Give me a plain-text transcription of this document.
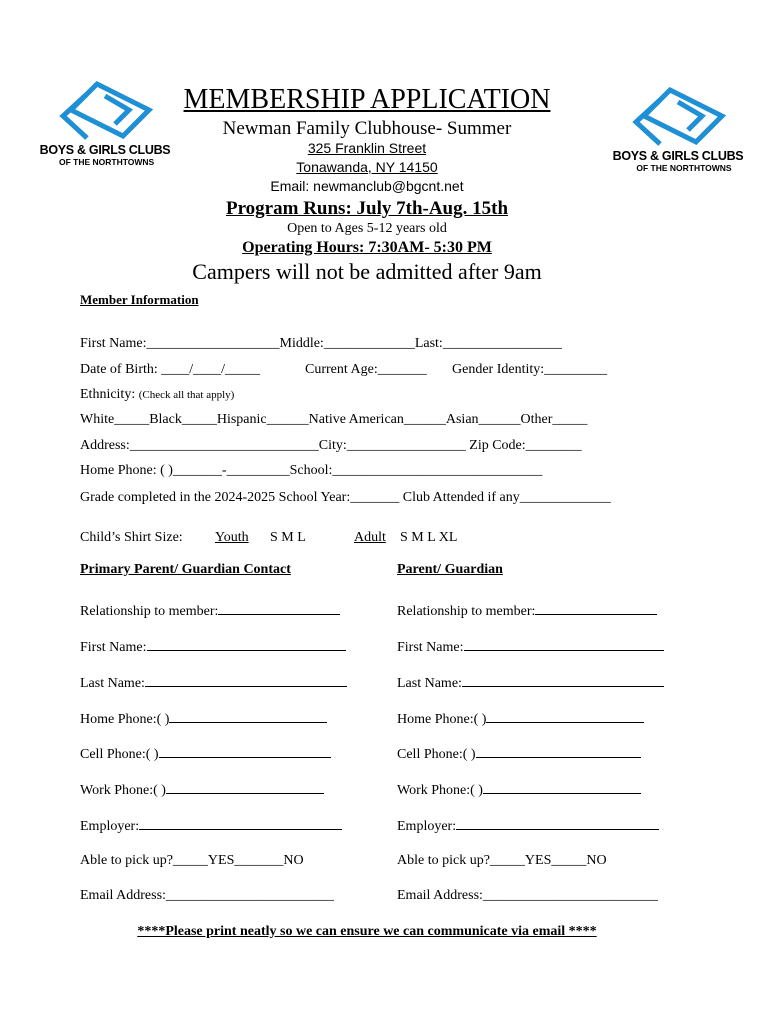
BOYS & GIRLS CLUBS
OF THE NORTHTOWNS	BOYS & GIRLS CLUBS
OF THE NORTHTOWNS
MEMBERSHIP APPLICATION
Newman Family Clubhouse- Summer
325 Franklin Street
Tonawanda, NY 14150
Email: newmanclub@bgcnt.net
Program Runs: July 7th-Aug. 15th
Open to Ages 5-12 years old
Operating Hours: 7:30AM- 5:30 PM
Campers will not be admitted after 9am
Member Information
First Name:___________________Middle:_____________Last:_________________
Date of Birth: ____/____/_____	Current Age:_______ Gender Identity:_________
Ethnicity: (Check all that apply)
White_____Black_____Hispanic______Native American______Asian______Other_____
Address:___________________________City:_________________ Zip Code:________
Home Phone: ( )_______-_________School:______________________________
Grade completed in the 2024-2025 School Year:_______ Club Attended if any_____________
Child’s Shirt Size: Youth S M L	Adult S M L XL
Primary Parent/ Guardian Contact
Relationship to member:
First Name:
Last Name:
Home Phone:( )
Cell Phone:( )
Work Phone:( )
Employer:
Able to pick up?_____YES_______NO
Email Address:________________________
Parent/ Guardian
Relationship to member:
First Name:
Last Name:
Home Phone:( )
Cell Phone:( )
Work Phone:( )
Employer:
Able to pick up?_____YES_____NO
Email Address:_________________________
****Please print neatly so we can ensure we can communicate via email ****
